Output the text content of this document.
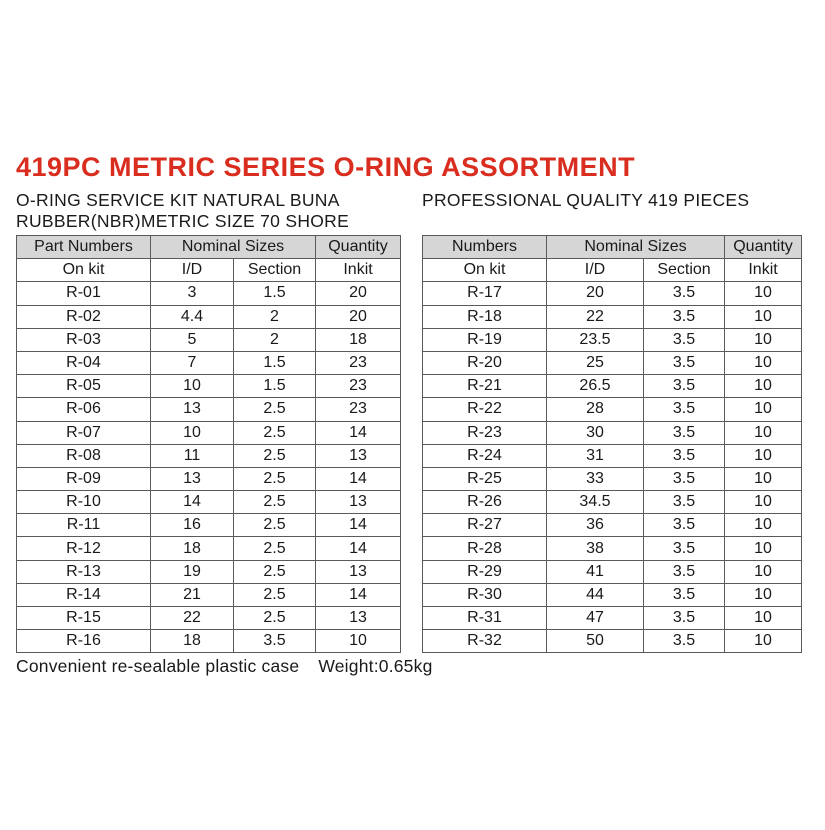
419PC METRIC SERIES O-RING ASSORTMENT
O-RING SERVICE KIT NATURAL BUNA
RUBBER(NBR)METRIC SIZE 70 SHORE
PROFESSIONAL QUALITY 419 PIECES
Part Numbers	Nominal Sizes		Quantity
On kit	I/D	Section	Inkit
R-01	3	1.5	20
R-02	4.4	2	20
R-03	5	2	18
R-04	7	1.5	23
R-05	10	1.5	23
R-06	13	2.5	23
R-07	10	2.5	14
R-08	11	2.5	13
R-09	13	2.5	14
R-10	14	2.5	13
R-11	16	2.5	14
R-12	18	2.5	14
R-13	19	2.5	13
R-14	21	2.5	14
R-15	22	2.5	13
R-16	18	3.5	10
Numbers	Nominal Sizes		Quantity
On kit	I/D	Section	Inkit
R-17	20	3.5	10
R-18	22	3.5	10
R-19	23.5	3.5	10
R-20	25	3.5	10
R-21	26.5	3.5	10
R-22	28	3.5	10
R-23	30	3.5	10
R-24	31	3.5	10
R-25	33	3.5	10
R-26	34.5	3.5	10
R-27	36	3.5	10
R-28	38	3.5	10
R-29	41	3.5	10
R-30	44	3.5	10
R-31	47	3.5	10
R-32	50	3.5	10
Convenient re-sealable plastic case Weight:0.65kg
